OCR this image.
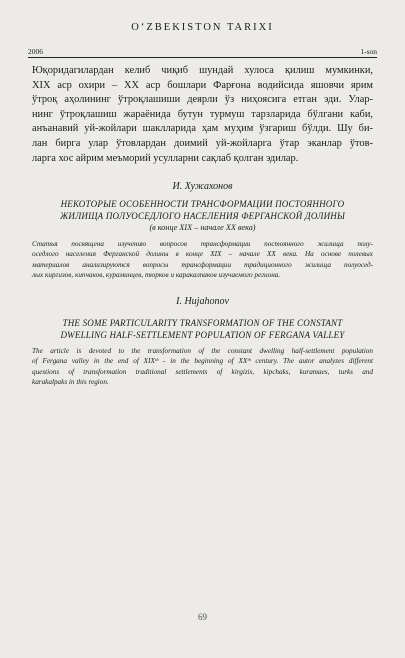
O‘ZBEKISTON TARIXI
2006	1-son
Юқоридагилардан келиб чиқиб шундай хулоса қилиш мумкинки,
XIX аср охири – XX аср бошлари Фарғона водийсида яшовчи ярим
ўтроқ аҳолининг ўтроқлашиши деярли ўз ниҳоясига етган эди. Улар-
нинг ўтроқлашиш жараёнида бутун турмуш тарзларида бўлгани каби,
анъанавий уй-жойлари шаклларида ҳам муҳим ўзгариш бўлди. Шу би-
лан бирга улар ўтовлардан доимий уй-жойларга ўтар эканлар ўтов-
ларга хос айрим меъморий усулларни сақлаб қолган эдилар.
И. Хужахонов
НЕКОТОРЫЕ ОСОБЕННОСТИ ТРАНСФОРМАЦИИ ПОСТОЯННОГО
ЖИЛИЩА ПОЛУОСЕДЛОГО НАСЕЛЕНИЯ ФЕРГАНСКОЙ ДОЛИНЫ
(в конце XIX – начале XX века)
Статья посвящена изучению вопросов трансформации постоянного жилища полу-
оседлого населения Ферганской долины в конце XIX – начале XX века. На основе полевых
материалов анализируются вопросы трансформации традиционного жилища полуосед-
лых киргизов, кипчаков, кураминцев, тюрков и каракалпаков изучаемого региона.
I. Hujahonov
THE SOME PARTICULARITY TRANSFORMATION OF THE CONSTANT
DWELLING HALF-SETTLEMENT POPULATION OF FERGANA VALLEY
The article is devoted to the transformation of the constant dwelling half-settlement population
of Fergana valley in the end of XIXᵗʰ - in the beginning of XXᵗʰ century. The autor analyzes different
questions of transformation traditional settlements of kirgizis, kipchaks, kuramaes, turks and
karakalpaks in this region.
69
